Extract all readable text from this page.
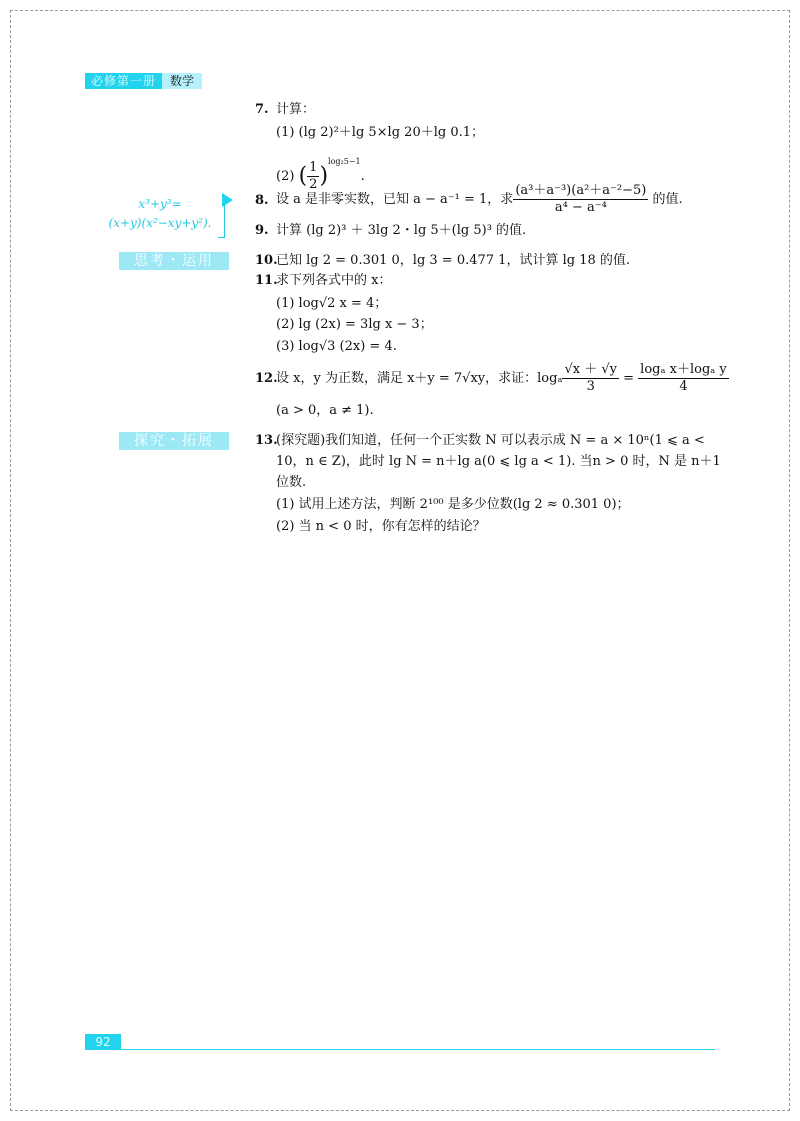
必修第一册	数学
7. 计算：
(1) (lg 2)²＋lg 5×lg 20＋lg 0.1；
(2) ( $\frac{1}{2} )^{log_25-1}$.
x³+y³=
(x+y)(x²−xy+y²).
8. 设 a 是非零实数，已知 a − a⁻¹ = 1，求 $\frac{\text{(a³＋a⁻³)(a²＋a⁻²−5)}}{\text{a⁴ − a⁻⁴}}$ 的值.
9. 计算 (lg 2)³ ＋ 3lg 2・lg 5＋(lg 5)³ 的值.
思考・运用	10.
已知 lg 2 = 0.301 0，lg 3 = 0.477 1，试计算 lg 18 的值.
11.
求下列各式中的 x：
(1) log√2 x = 4；
(2) lg (2x) = 3lg x − 3；
(3) log√3 (2x) = 4.
12.
设 x，y 为正数，满足 x＋y = 7√xy，求证：logₐ $\frac{√x + √y}{3} = \frac{\text{logₐ x＋logₐ y}}{4}$
(a > 0，a ≠ 1).
探究・拓展	13.
(探究题)我们知道，任何一个正实数 N 可以表示成 N = a × 10ⁿ(1 ⩽ a <
10，n ∈ Z)，此时 lg N = n＋lg a(0 ⩽ lg a < 1). 当n > 0 时，N 是 n＋1
位数.
(1) 试用上述方法，判断 2¹⁰⁰ 是多少位数(lg 2 ≈ 0.301 0)；
(2) 当 n < 0 时，你有怎样的结论？
92
